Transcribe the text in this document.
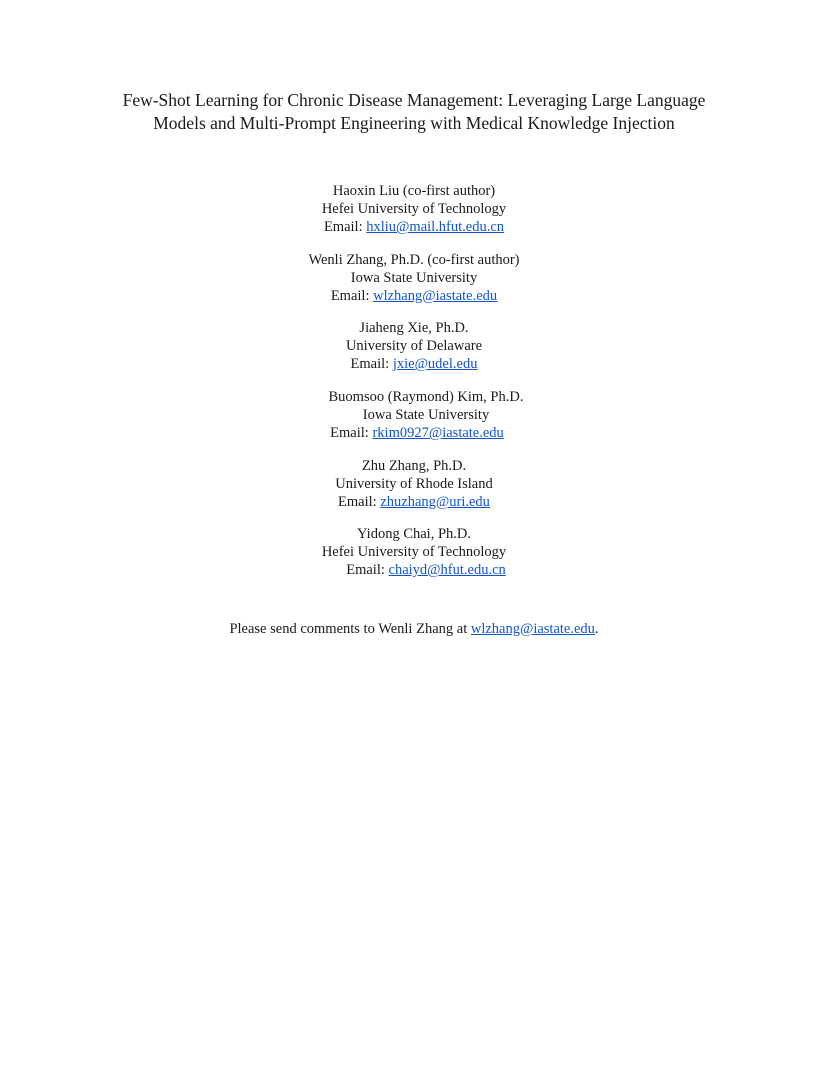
Few-Shot Learning for Chronic Disease Management: Leveraging Large Language
Models and Multi-Prompt Engineering with Medical Knowledge Injection
Haoxin Liu (co-first author)
Hefei University of Technology
Email: hxliu@mail.hfut.edu.cn
Wenli Zhang, Ph.D. (co-first author)
Iowa State University
Email: wlzhang@iastate.edu
Jiaheng Xie, Ph.D.
University of Delaware
Email: jxie@udel.edu
Buomsoo (Raymond) Kim, Ph.D.
Iowa State University
Email: rkim0927@iastate.edu
Zhu Zhang, Ph.D.
University of Rhode Island
Email: zhuzhang@uri.edu
Yidong Chai, Ph.D.
Hefei University of Technology
Email: chaiyd@hfut.edu.cn
Please send comments to Wenli Zhang at wlzhang@iastate.edu.
